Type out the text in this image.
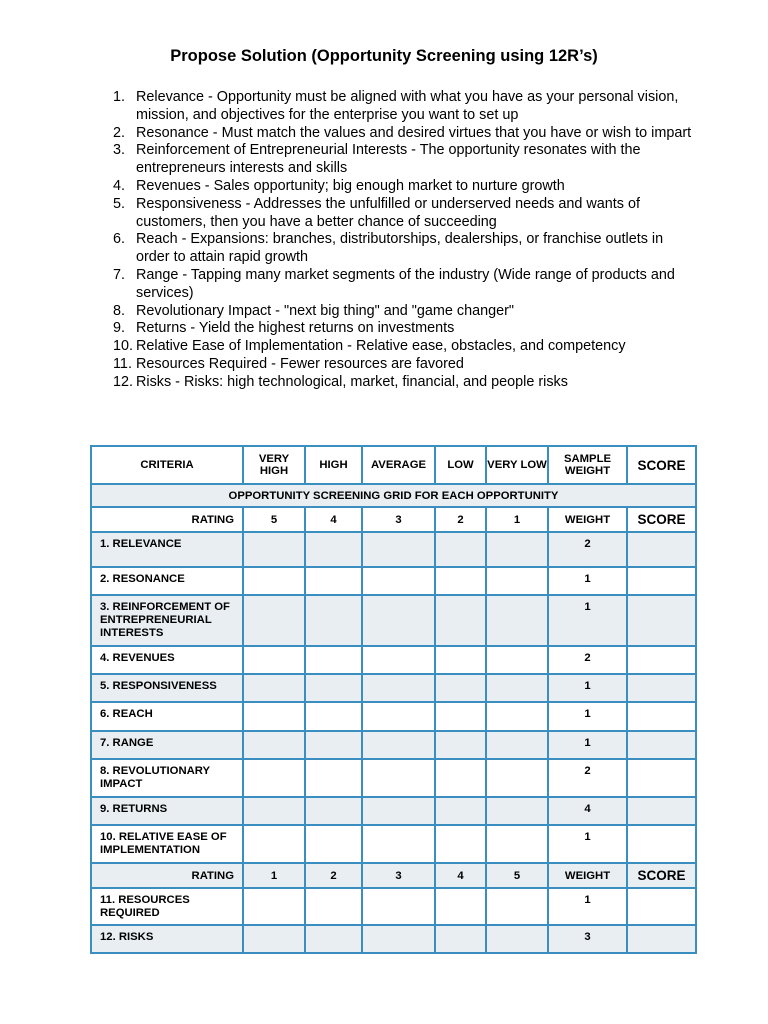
Propose Solution (Opportunity Screening using 12R’s)
1. Relevance - Opportunity must be aligned with what you have as your personal vision, mission, and objectives for the enterprise you want to set up
2. Resonance - Must match the values and desired virtues that you have or wish to impart
3. Reinforcement of Entrepreneurial Interests - The opportunity resonates with the entrepreneurs interests and skills
4. Revenues - Sales opportunity; big enough market to nurture growth
5. Responsiveness - Addresses the unfulfilled or underserved needs and wants of customers, then you have a better chance of succeeding
6. Reach - Expansions: branches, distributorships, dealerships, or franchise outlets in order to attain rapid growth
7. Range - Tapping many market segments of the industry (Wide range of products and services)
8. Revolutionary Impact - "next big thing" and "game changer"
9. Returns - Yield the highest returns on investments
10. Relative Ease of Implementation - Relative ease, obstacles, and competency
11. Resources Required - Fewer resources are favored
12. Risks - Risks: high technological, market, financial, and people risks
CRITERIA	VERY HIGH	HIGH	AVERAGE	LOW	VERY LOW	SAMPLE WEIGHT	SCORE
OPPORTUNITY SCREENING GRID FOR EACH OPPORTUNITY							
RATING	5	4	3	2	1	WEIGHT	SCORE
1. RELEVANCE						2	
2. RESONANCE						1	
3. REINFORCEMENT OF ENTREPRENEURIAL INTERESTS						1	
4. REVENUES						2	
5. RESPONSIVENESS						1	
6. REACH						1	
7. RANGE						1	
8. REVOLUTIONARY IMPACT						2	
9. RETURNS						4	
10. RELATIVE EASE OF IMPLEMENTATION						1	
RATING	1	2	3	4	5	WEIGHT	SCORE
11. RESOURCES REQUIRED						1	
12. RISKS						3	
